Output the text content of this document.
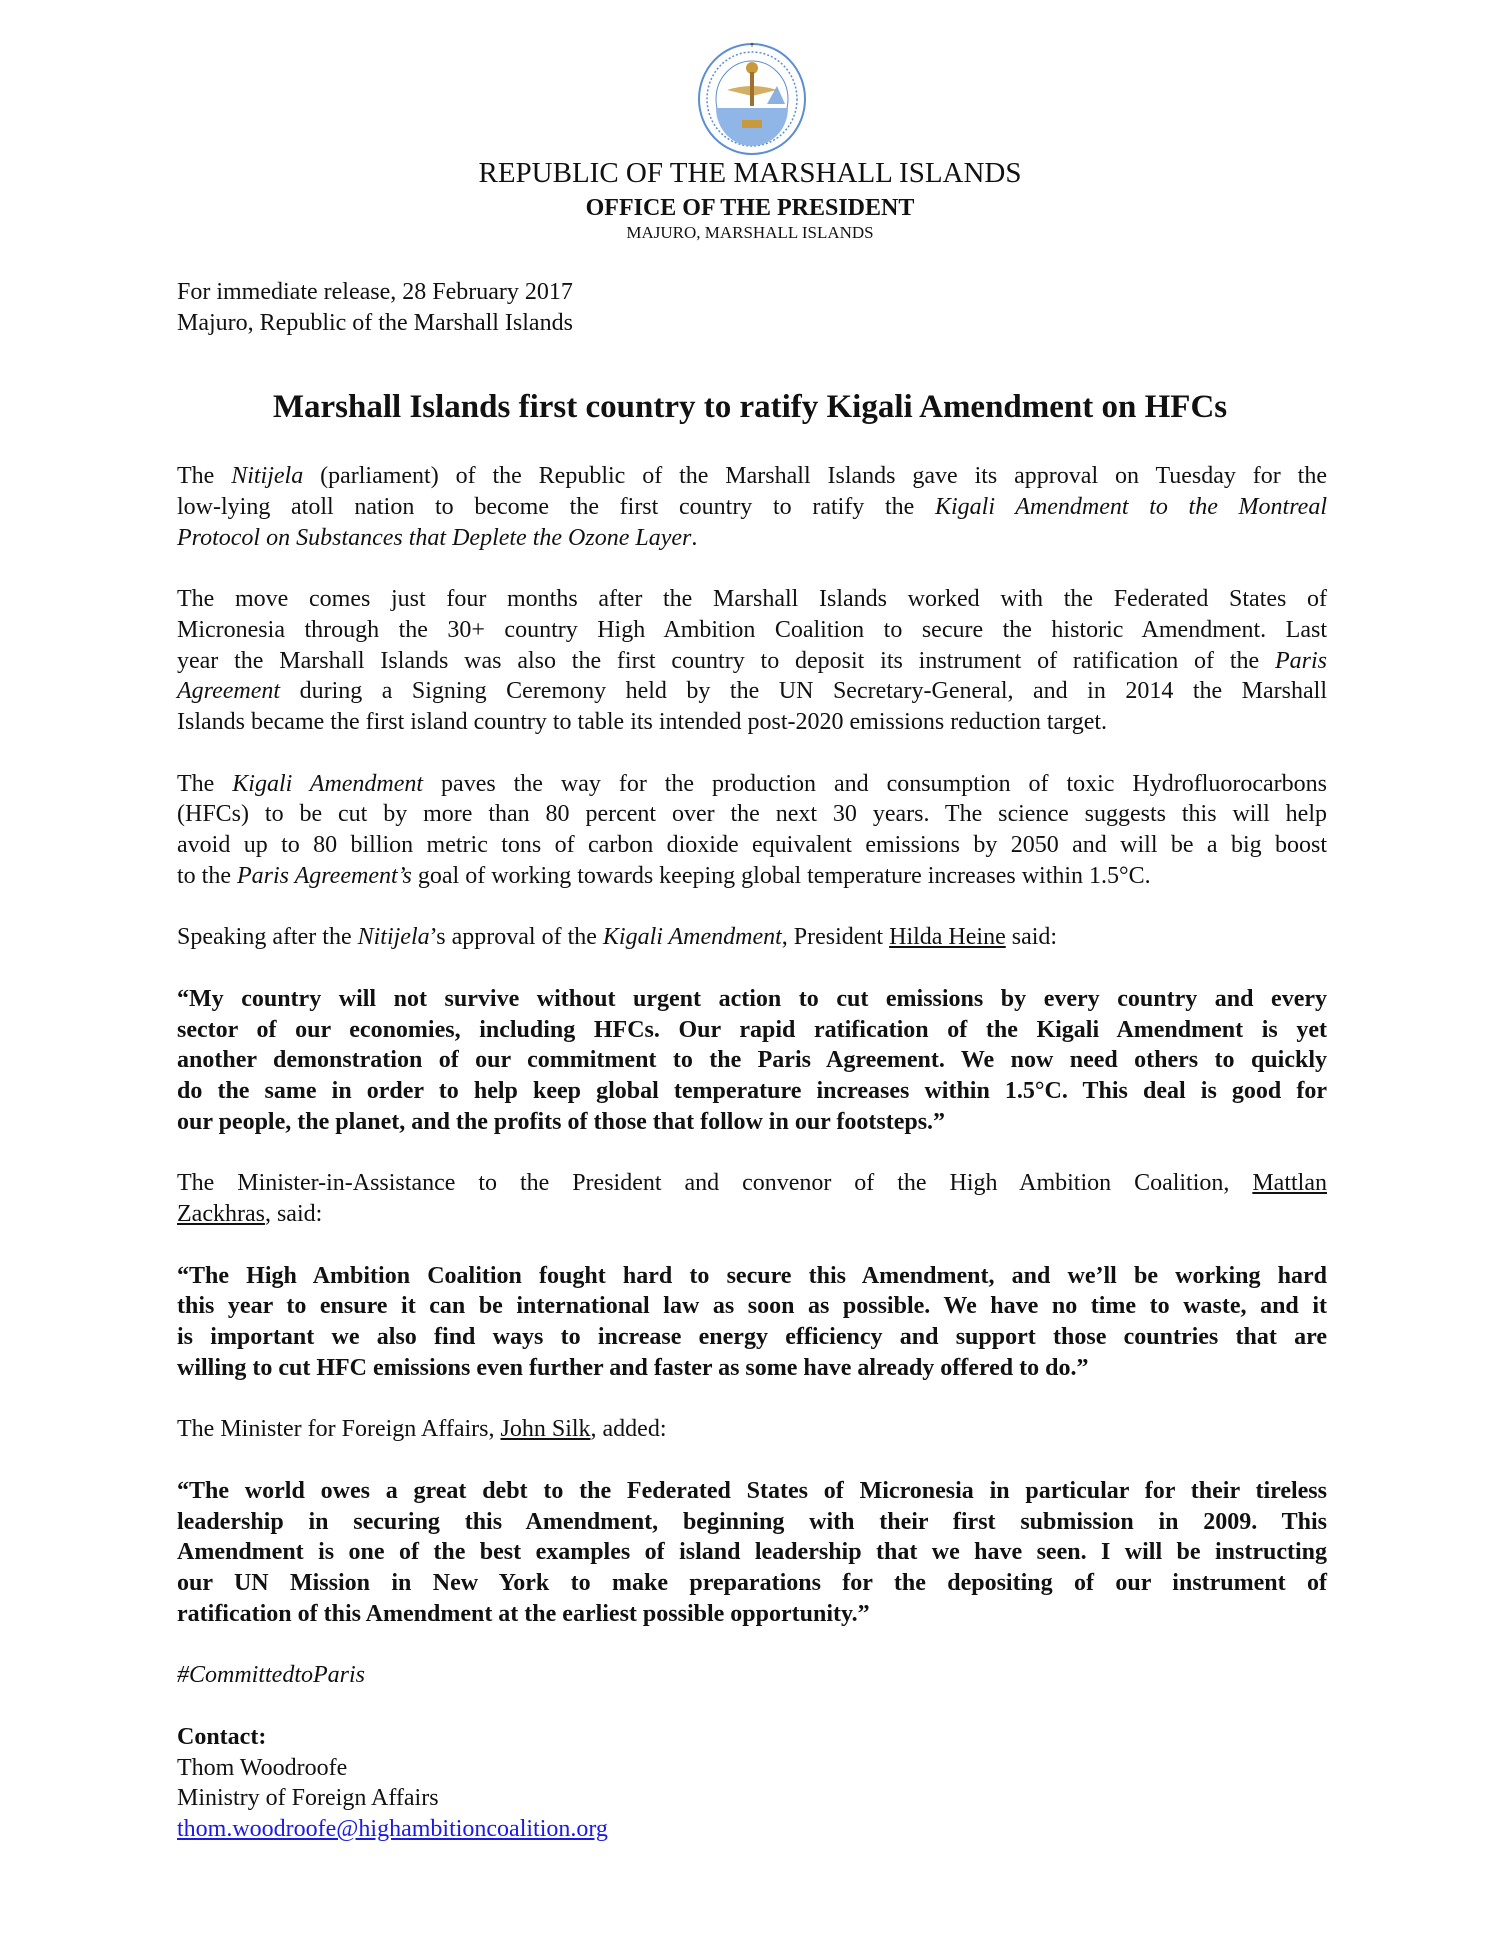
✝
REPUBLIC OF THE MARSHALL ISLANDS
OFFICE OF THE PRESIDENT
MAJURO, MARSHALL ISLANDS
For immediate release, 28 February 2017
Majuro, Republic of the Marshall Islands
Marshall Islands first country to ratify Kigali Amendment on HFCs
The Nitijela (parliament) of the Republic of the Marshall Islands gave its approval on Tuesday for the
low-lying atoll nation to become the first country to ratify the Kigali Amendment to the Montreal
Protocol on Substances that Deplete the Ozone Layer.
The move comes just four months after the Marshall Islands worked with the Federated States of
Micronesia through the 30+ country High Ambition Coalition to secure the historic Amendment. Last
year the Marshall Islands was also the first country to deposit its instrument of ratification of the Paris
Agreement during a Signing Ceremony held by the UN Secretary-General, and in 2014 the Marshall
Islands became the first island country to table its intended post-2020 emissions reduction target.
The Kigali Amendment paves the way for the production and consumption of toxic Hydrofluorocarbons
(HFCs) to be cut by more than 80 percent over the next 30 years. The science suggests this will help
avoid up to 80 billion metric tons of carbon dioxide equivalent emissions by 2050 and will be a big boost
to the Paris Agreement’s goal of working towards keeping global temperature increases within 1.5°C.
Speaking after the Nitijela’s approval of the Kigali Amendment, President Hilda Heine said:
“My country will not survive without urgent action to cut emissions by every country and every
sector of our economies, including HFCs. Our rapid ratification of the Kigali Amendment is yet
another demonstration of our commitment to the Paris Agreement. We now need others to quickly
do the same in order to help keep global temperature increases within 1.5°C. This deal is good for
our people, the planet, and the profits of those that follow in our footsteps.”
The Minister-in-Assistance to the President and convenor of the High Ambition Coalition, Mattlan
Zackhras, said:
“The High Ambition Coalition fought hard to secure this Amendment, and we’ll be working hard
this year to ensure it can be international law as soon as possible. We have no time to waste, and it
is important we also find ways to increase energy efficiency and support those countries that are
willing to cut HFC emissions even further and faster as some have already offered to do.”
The Minister for Foreign Affairs, John Silk, added:
“The world owes a great debt to the Federated States of Micronesia in particular for their tireless
leadership in securing this Amendment, beginning with their first submission in 2009. This
Amendment is one of the best examples of island leadership that we have seen. I will be instructing
our UN Mission in New York to make preparations for the depositing of our instrument of
ratification of this Amendment at the earliest possible opportunity.”
#CommittedtoParis
Contact:
Thom Woodroofe
Ministry of Foreign Affairs
thom.woodroofe@highambitioncoalition.org
